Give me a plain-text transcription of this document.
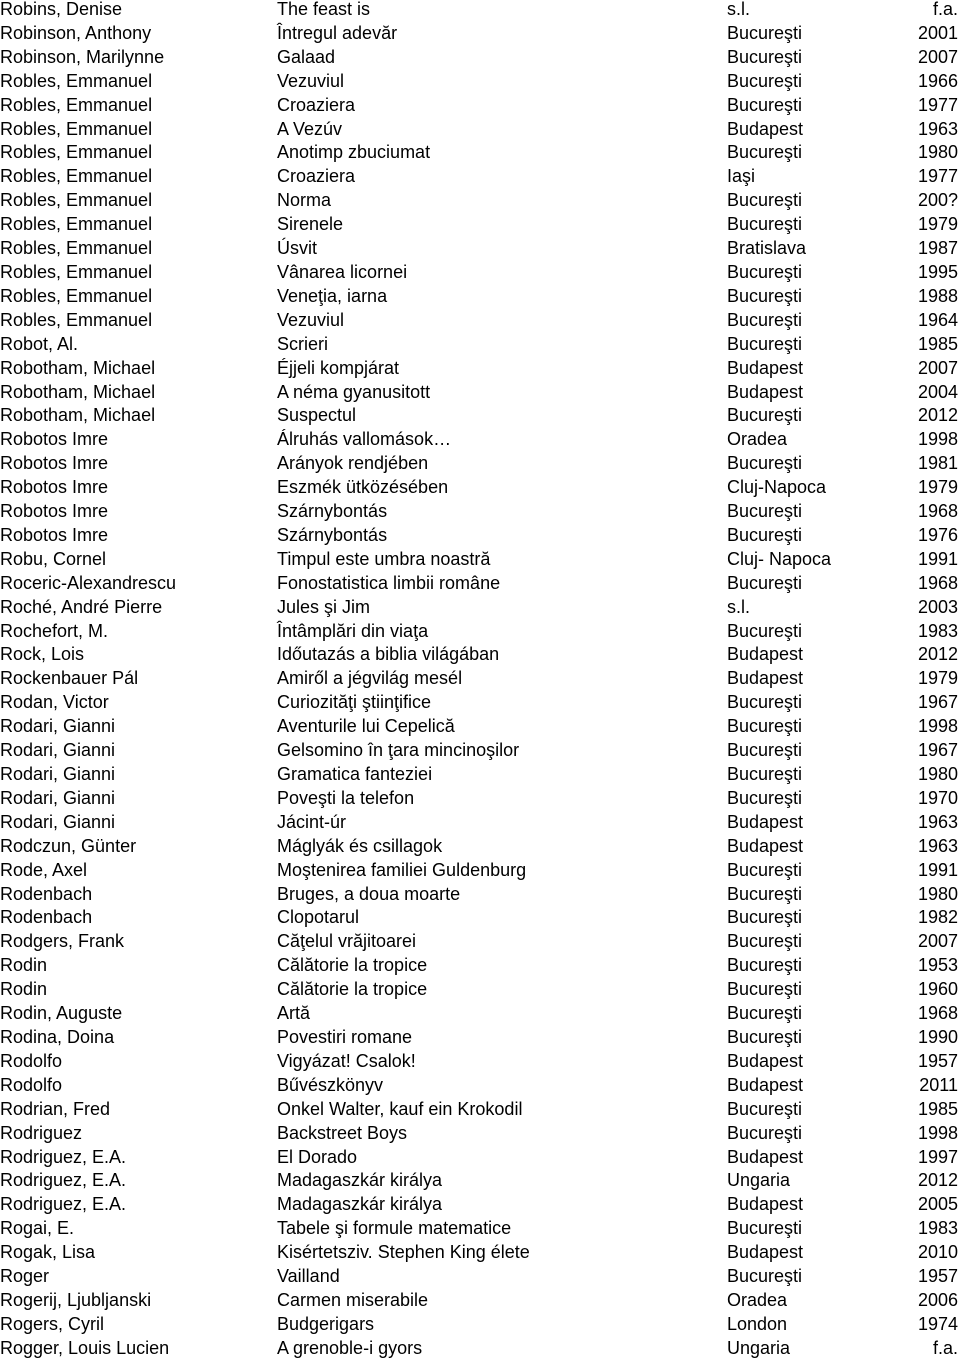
Robins, Denise	The feast is	s.l.	f.a.
Robinson, Anthony	Întregul adevăr	Bucureşti	2001
Robinson, Marilynne	Galaad	Bucureşti	2007
Robles, Emmanuel	Vezuviul	Bucureşti	1966
Robles, Emmanuel	Croaziera	Bucureşti	1977
Robles, Emmanuel	A Vezúv	Budapest	1963
Robles, Emmanuel	Anotimp zbuciumat	Bucureşti	1980
Robles, Emmanuel	Croaziera	Iaşi	1977
Robles, Emmanuel	Norma	Bucureşti	200?
Robles, Emmanuel	Sirenele	Bucureşti	1979
Robles, Emmanuel	Úsvit	Bratislava	1987
Robles, Emmanuel	Vânarea licornei	Bucureşti	1995
Robles, Emmanuel	Veneţia, iarna	Bucureşti	1988
Robles, Emmanuel	Vezuviul	Bucureşti	1964
Robot, Al.	Scrieri	Bucureşti	1985
Robotham, Michael	Éjjeli kompjárat	Budapest	2007
Robotham, Michael	A néma gyanusitott	Budapest	2004
Robotham, Michael	Suspectul	Bucureşti	2012
Robotos Imre	Álruhás vallomások…	Oradea	1998
Robotos Imre	Arányok rendjében	Bucureşti	1981
Robotos Imre	Eszmék ütközésében	Cluj-Napoca	1979
Robotos Imre	Szárnybontás	Bucureşti	1968
Robotos Imre	Szárnybontás	Bucureşti	1976
Robu, Cornel	Timpul este umbra noastră	Cluj- Napoca	1991
Roceric-Alexandrescu	Fonostatistica limbii române	Bucureşti	1968
Roché, André Pierre	Jules şi Jim	s.l.	2003
Rochefort, M.	Întâmplări din viaţa	Bucureşti	1983
Rock, Lois	Időutazás a biblia világában	Budapest	2012
Rockenbauer Pál	Amiről a jégvilág mesél	Budapest	1979
Rodan, Victor	Curiozităţi ştiinţifice	Bucureşti	1967
Rodari, Gianni	Aventurile lui Cepelică	Bucureşti	1998
Rodari, Gianni	Gelsomino în ţara mincinoşilor	Bucureşti	1967
Rodari, Gianni	Gramatica fanteziei	Bucureşti	1980
Rodari, Gianni	Poveşti la telefon	Bucureşti	1970
Rodari, Gianni	Jácint-úr	Budapest	1963
Rodczun, Günter	Máglyák és csillagok	Budapest	1963
Rode, Axel	Moştenirea familiei Guldenburg	Bucureşti	1991
Rodenbach	Bruges, a doua moarte	Bucureşti	1980
Rodenbach	Clopotarul	Bucureşti	1982
Rodgers, Frank	Căţelul vrăjitoarei	Bucureşti	2007
Rodin	Călătorie la tropice	Bucureşti	1953
Rodin	Călătorie la tropice	Bucureşti	1960
Rodin, Auguste	Artă	Bucureşti	1968
Rodina, Doina	Povestiri romane	Bucureşti	1990
Rodolfo	Vigyázat! Csalok!	Budapest	1957
Rodolfo	Bűvészkönyv	Budapest	2011
Rodrian, Fred	Onkel Walter, kauf ein Krokodil	Bucureşti	1985
Rodriguez	Backstreet Boys	Bucureşti	1998
Rodriguez, E.A.	El Dorado	Budapest	1997
Rodriguez, E.A.	Madagaszkár királya	Ungaria	2012
Rodriguez, E.A.	Madagaszkár királya	Budapest	2005
Rogai, E.	Tabele şi formule matematice	Bucureşti	1983
Rogak, Lisa	Kisértetsziv. Stephen King élete	Budapest	2010
Roger	Vailland	Bucureşti	1957
Rogerij, Ljubljanski	Carmen miserabile	Oradea	2006
Rogers, Cyril	Budgerigars	London	1974
Rogger, Louis Lucien	A grenoble-i gyors	Ungaria	f.a.
